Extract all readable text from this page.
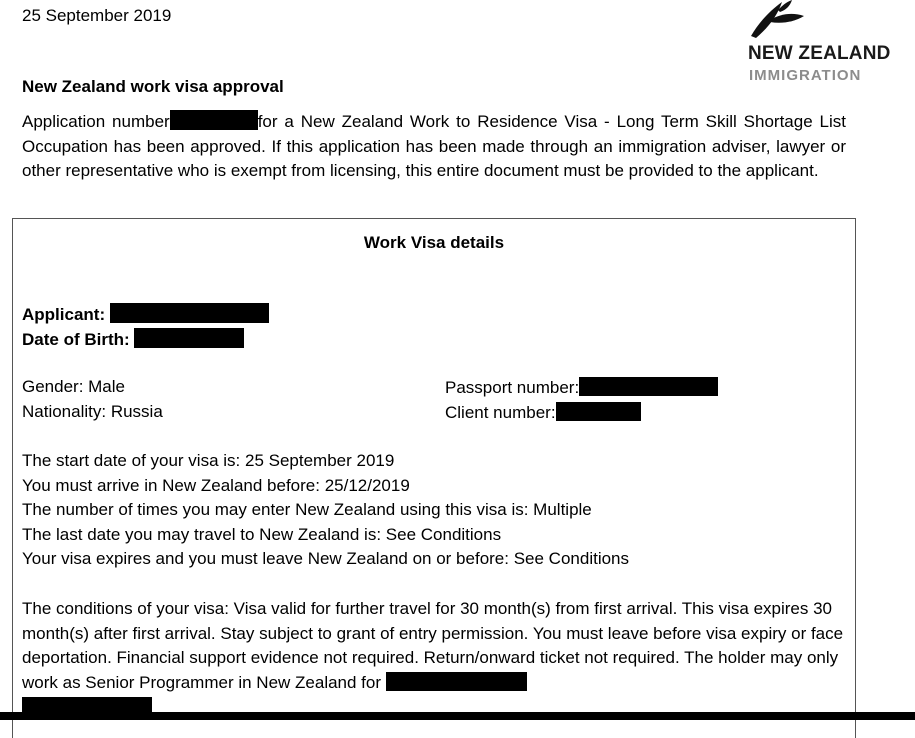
25 September 2019
NEW ZEALAND
IMMIGRATION
New Zealand work visa approval
Application number	for a New Zealand Work to Residence Visa - Long Term Skill Shortage List Occupation has been approved. If this application has been made through an immigration adviser, lawyer or other representative who is exempt from licensing, this entire document must be provided to the applicant.
Work Visa details
Applicant:
Date of Birth:
Gender: Male
Nationality: Russia
Passport number:
Client number:
The start date of your visa is: 25 September 2019
You must arrive in New Zealand before: 25/12/2019
The number of times you may enter New Zealand using this visa is: Multiple
The last date you may travel to New Zealand is: See Conditions
Your visa expires and you must leave New Zealand on or before: See Conditions
The conditions of your visa: Visa valid for further travel for 30 month(s) from first arrival. This visa expires 30 month(s) after first arrival. Stay subject to grant of entry permission. You must leave before visa expiry or face deportation. Financial support evidence not required. Return/onward ticket not required. The holder may only work as Senior Programmer in New Zealand for
